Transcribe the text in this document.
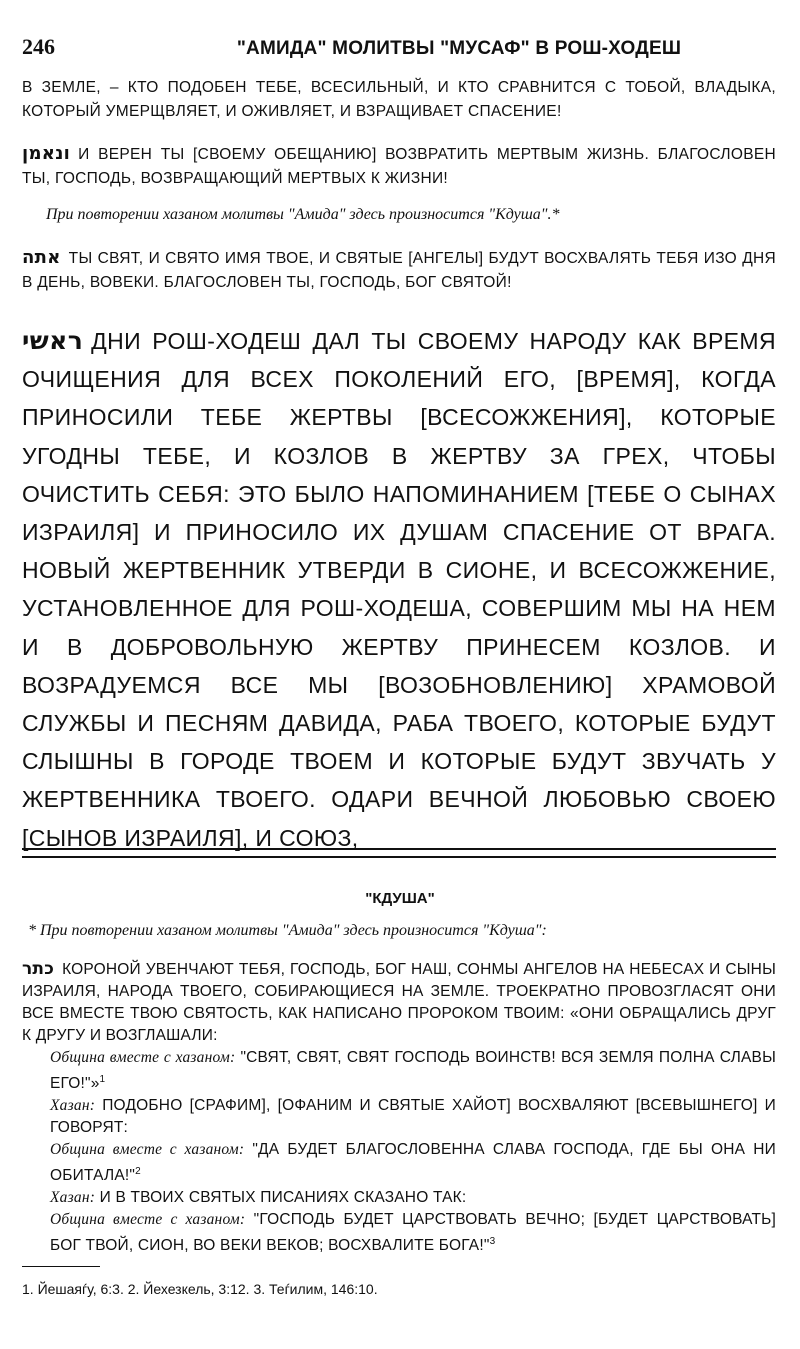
246	"АМИДА" МОЛИТВЫ "МУСАФ" В РОШ-ХОДЕШ
В ЗЕМЛЕ, – КТО ПОДОБЕН ТЕБЕ, ВСЕСИЛЬНЫЙ, И КТО СРАВНИТСЯ С ТОБОЙ, ВЛАДЫКА, КОТОРЫЙ УМЕРЩВЛЯЕТ, И ОЖИВЛЯЕТ, И ВЗРАЩИВАЕТ СПАСЕНИЕ!
ונאמן И ВЕРЕН ТЫ [СВОЕМУ ОБЕЩАНИЮ] ВОЗВРАТИТЬ МЕРТВЫМ ЖИЗНЬ. БЛАГОСЛОВЕН ТЫ, ГОСПОДЬ, ВОЗВРАЩАЮЩИЙ МЕРТВЫХ К ЖИЗНИ!
При повторении хазаном молитвы "Амида" здесь произносится "Кдуша".*
אתה ТЫ СВЯТ, И СВЯТО ИМЯ ТВОЕ, И СВЯТЫЕ [АНГЕЛЫ] БУДУТ ВОСХВАЛЯТЬ ТЕБЯ ИЗО ДНЯ В ДЕНЬ, ВОВЕКИ. БЛАГОСЛОВЕН ТЫ, ГОСПОДЬ, БОГ СВЯТОЙ!
ראשי ДНИ РОШ-ХОДЕШ ДАЛ ТЫ СВОЕМУ НАРОДУ КАК ВРЕМЯ ОЧИЩЕНИЯ ДЛЯ ВСЕХ ПОКОЛЕНИЙ ЕГО, [ВРЕМЯ], КОГДА ПРИНОСИЛИ ТЕБЕ ЖЕРТВЫ [ВСЕСОЖЖЕНИЯ], КОТОРЫЕ УГОДНЫ ТЕБЕ, И КОЗЛОВ В ЖЕРТВУ ЗА ГРЕХ, ЧТОБЫ ОЧИСТИТЬ СЕБЯ: ЭТО БЫЛО НАПОМИНАНИЕМ [ТЕБЕ О СЫНАХ ИЗРАИЛЯ] И ПРИНОСИЛО ИХ ДУШАМ СПАСЕНИЕ ОТ ВРАГА. НОВЫЙ ЖЕРТВЕННИК УТВЕРДИ В СИОНЕ, И ВСЕСОЖЖЕНИЕ, УСТАНОВЛЕННОЕ ДЛЯ РОШ-ХОДЕША, СОВЕРШИМ МЫ НА НЕМ И В ДОБРОВОЛЬНУЮ ЖЕРТВУ ПРИНЕСЕМ КОЗЛОВ. И ВОЗРАДУЕМСЯ ВСЕ МЫ [ВОЗОБНОВЛЕНИЮ] ХРАМОВОЙ СЛУЖБЫ И ПЕСНЯМ ДАВИДА, РАБА ТВОЕГО, КОТОРЫЕ БУДУТ СЛЫШНЫ В ГОРОДЕ ТВОЕМ И КОТОРЫЕ БУДУТ ЗВУЧАТЬ У ЖЕРТВЕННИКА ТВОЕГО. ОДАРИ ВЕЧНОЙ ЛЮБОВЬЮ СВОЕЮ [СЫНОВ ИЗРАИЛЯ], И СОЮЗ,
"КДУША"
* При повторении хазаном молитвы "Амида" здесь произносится "Кдуша":

כתר КОРОНОЙ УВЕНЧАЮТ ТЕБЯ, ГОСПОДЬ, БОГ НАШ, СОНМЫ АНГЕЛОВ НА НЕБЕСАХ И СЫНЫ ИЗРАИЛЯ, НАРОДА ТВОЕГО, СОБИРАЮЩИЕСЯ НА ЗЕМЛЕ. ТРОЕКРАТНО ПРОВОЗГЛАСЯТ ОНИ ВСЕ ВМЕСТЕ ТВОЮ СВЯТОСТЬ, КАК НАПИСАНО ПРОРОКОМ ТВОИМ: «ОНИ ОБРАЩАЛИСЬ ДРУГ К ДРУГУ И ВОЗГЛАШАЛИ:

Община вместе с хазаном: "СВЯТ, СВЯТ, СВЯТ ГОСПОДЬ ВОИНСТВ! ВСЯ ЗЕМЛЯ ПОЛНА СЛАВЫ ЕГО!"»$^1$

Хазан: ПОДОБНО [СРАФИМ], [ОФАНИМ И СВЯТЫЕ ХАЙОТ] ВОСХВАЛЯЮТ [ВСЕВЫШНЕГО] И ГОВОРЯТ:

Община вместе с хазаном: "ДА БУДЕТ БЛАГОСЛОВЕННА СЛАВА ГОСПОДА, ГДЕ БЫ ОНА НИ ОБИТАЛА!"$^2$

Хазан: И В ТВОИХ СВЯТЫХ ПИСАНИЯХ СКАЗАНО ТАК:

Община вместе с хазаном: "ГОСПОДЬ БУДЕТ ЦАРСТВОВАТЬ ВЕЧНО; [БУДЕТ ЦАРСТВОВАТЬ] БОГ ТВОЙ, СИОН, ВО ВЕКИ ВЕКОВ; ВОСХВАЛИТЕ БОГА!"$^3$

1. Йешаяѓу, 6:3. 2. Йехезкель, 3:12. 3. Теѓилим, 146:10.
